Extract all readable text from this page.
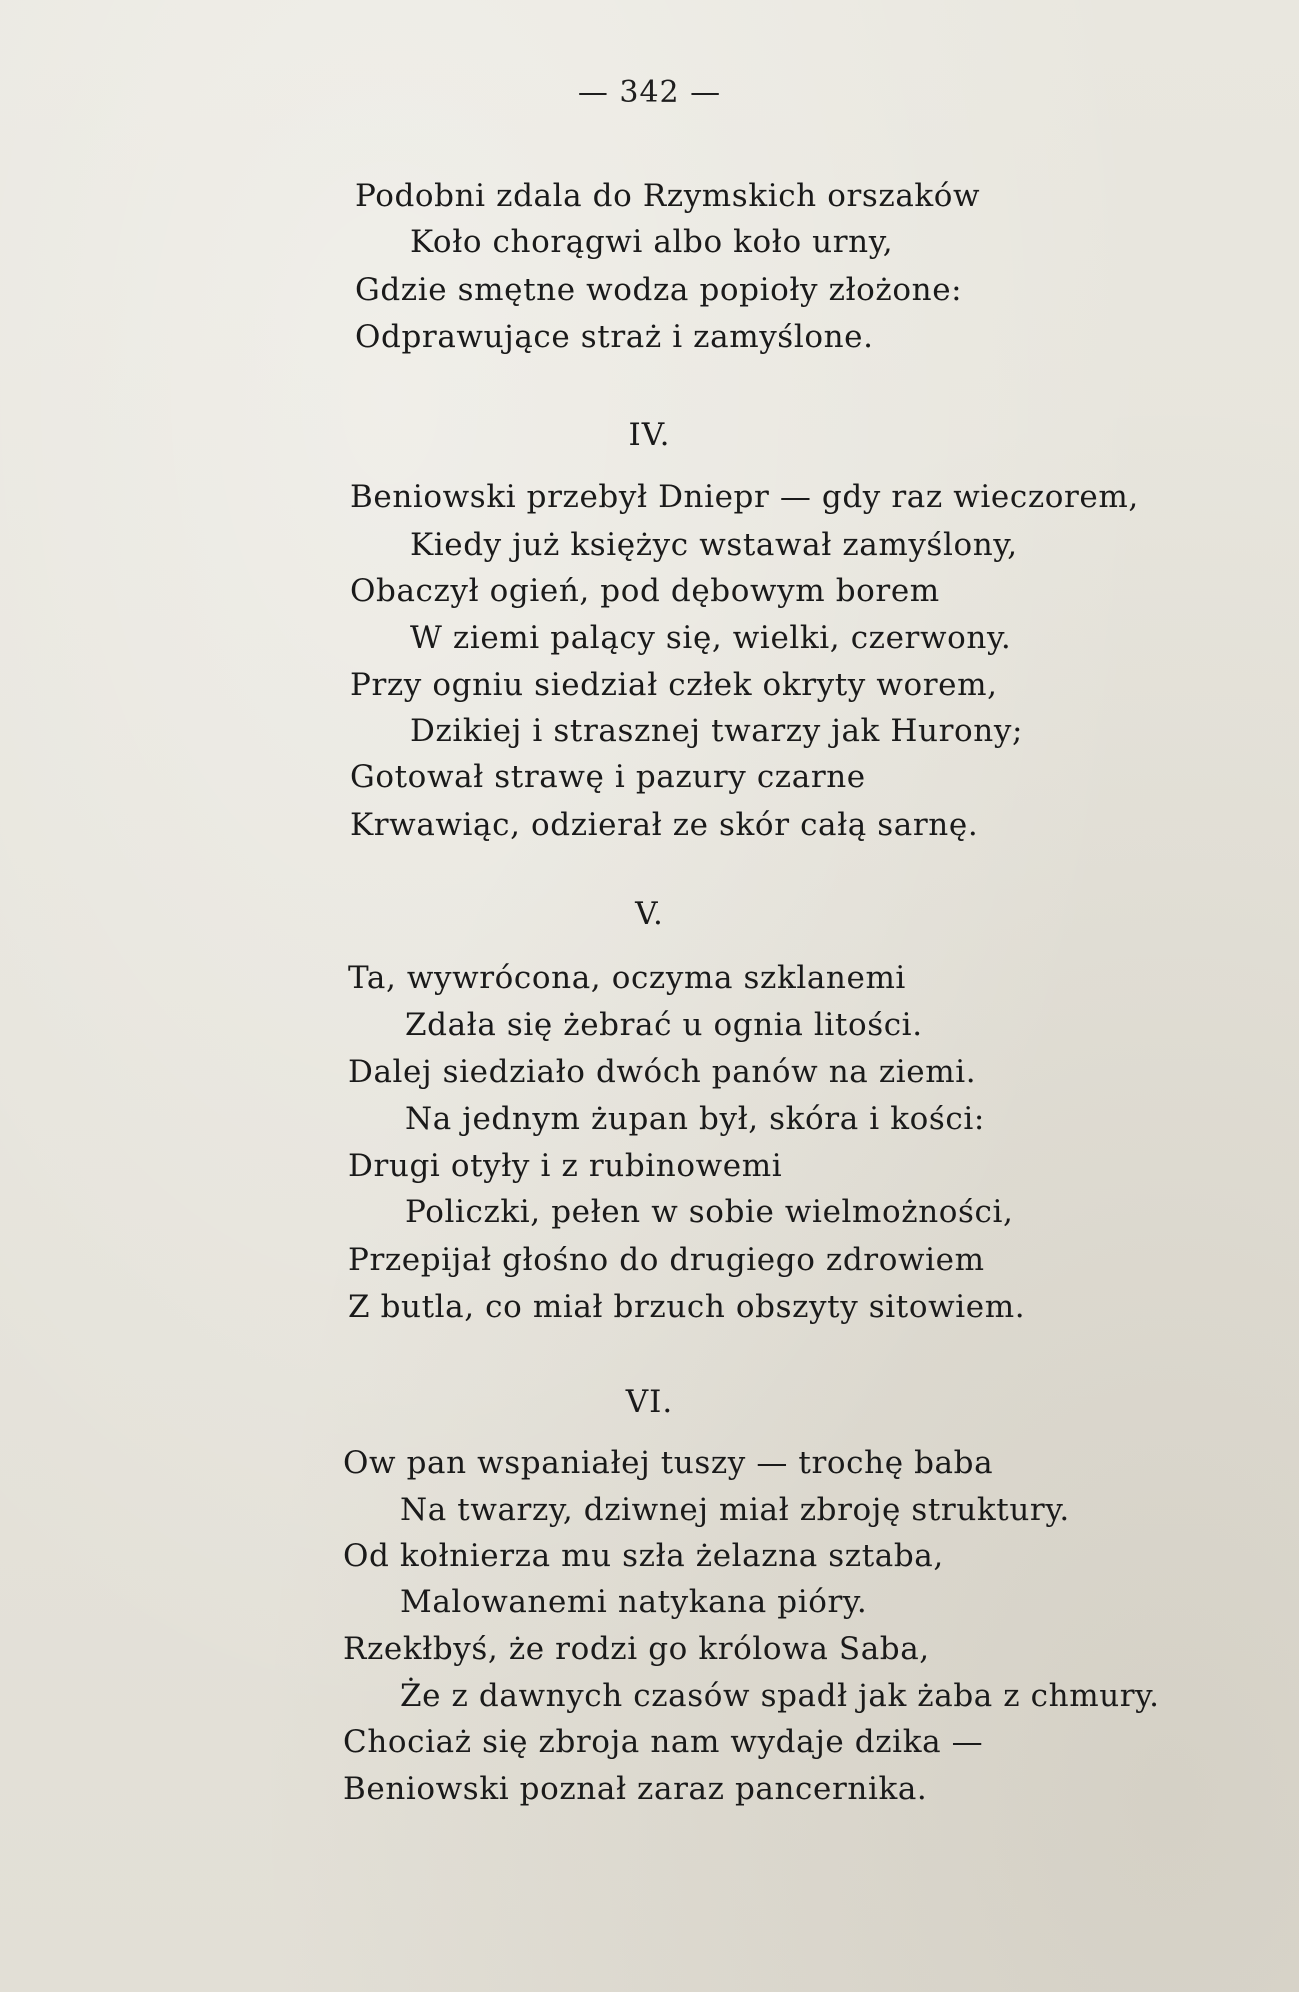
— 342 —
Podobni zdala do Rzymskich orszaków
Koło chorągwi albo koło urny,
Gdzie smętne wodza popioły złożone:
Odprawujące straż i zamyślone.
IV.
Beniowski przebył Dniepr — gdy raz wieczorem,
Kiedy już księżyc wstawał zamyślony,
Obaczył ogień, pod dębowym borem
W ziemi palący się, wielki, czerwony.
Przy ogniu siedział człek okryty worem,
Dzikiej i strasznej twarzy jak Hurony;
Gotował strawę i pazury czarne
Krwawiąc, odzierał ze skór całą sarnę.
V.
Ta, wywrócona, oczyma szklanemi
Zdała się żebrać u ognia litości.
Dalej siedziało dwóch panów na ziemi.
Na jednym żupan był, skóra i kości:
Drugi otyły i z rubinowemi
Policzki, pełen w sobie wielmożności,
Przepijał głośno do drugiego zdrowiem
Z butla, co miał brzuch obszyty sitowiem.
VI.
Ow pan wspaniałej tuszy — trochę baba
Na twarzy, dziwnej miał zbroję struktury.
Od kołnierza mu szła żelazna sztaba,
Malowanemi natykana pióry.
Rzekłbyś, że rodzi go królowa Saba,
Że z dawnych czasów spadł jak żaba z chmury.
Chociaż się zbroja nam wydaje dzika —
Beniowski poznał zaraz pancernika.
